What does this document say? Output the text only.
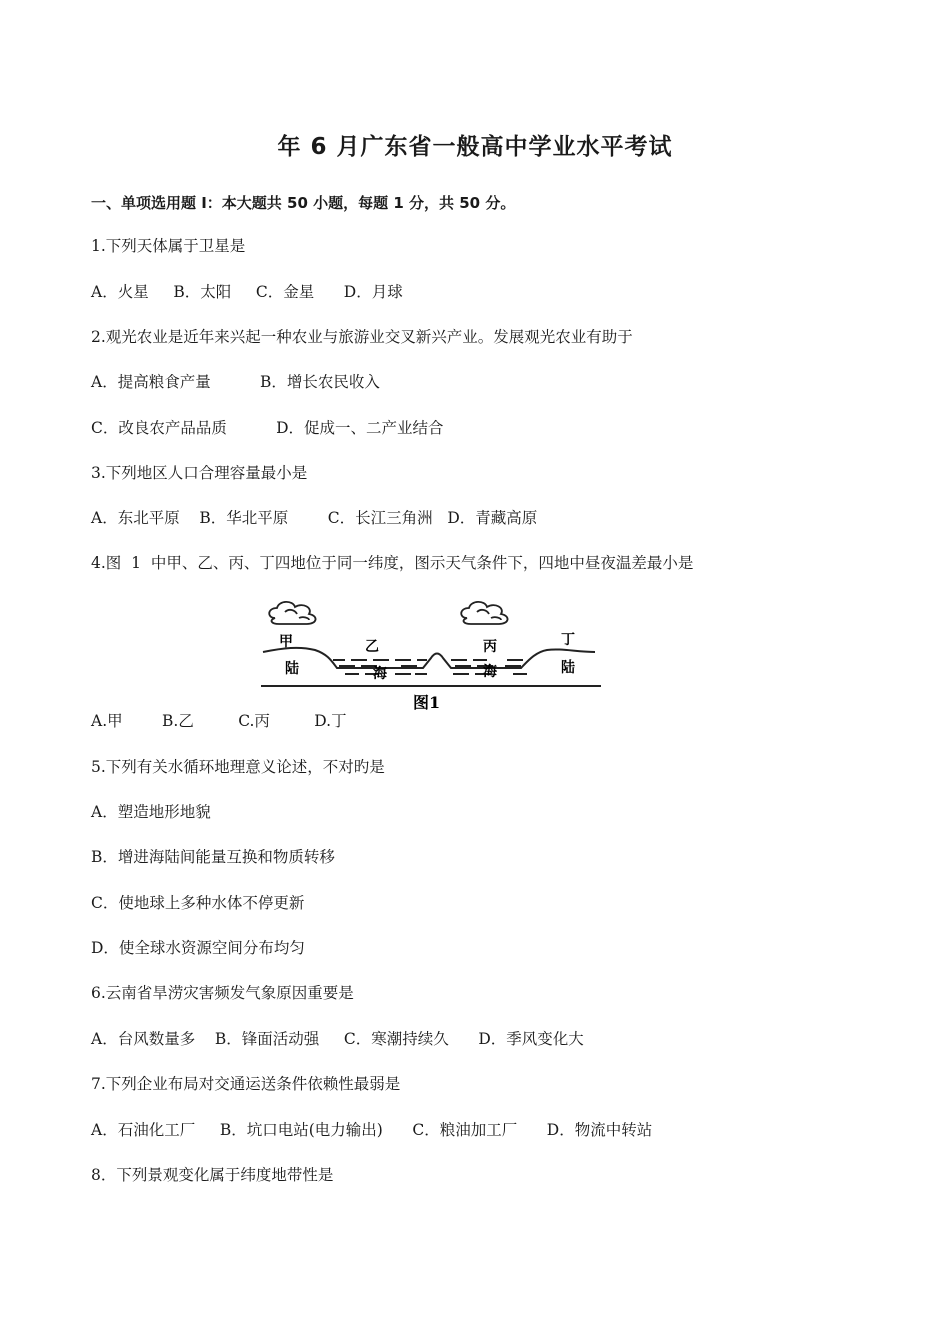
年 6 月广东省一般高中学业水平考试
一、单项选用题 I：本大题共 50 小题，每题 1 分，共 50 分。
1.下列天体属于卫星是
A．火星     B．太阳     C．金星      D．月球
2.观光农业是近年来兴起一种农业与旅游业交叉新兴产业。发展观光农业有助于
A．提高粮食产量          B．增长农民收入
C．改良农产品品质          D．促成一、二产业结合
3.下列地区人口合理容量最小是
A．东北平原    B．华北平原        C．长江三角洲   D．青藏高原
4.图  1  中甲、乙、丙、丁四地位于同一纬度，图示天气条件下，四地中昼夜温差最小是
甲
陆
乙
海
丙
海
丁
陆
图1
A.甲        B.乙         C.丙         D.丁
5.下列有关水循环地理意义论述，不对旳是
A．塑造地形地貌
B．增进海陆间能量互换和物质转移
C．使地球上多种水体不停更新
D．使全球水资源空间分布均匀
6.云南省旱涝灾害频发气象原因重要是
A．台风数量多    B．锋面活动强     C．寒潮持续久      D．季风变化大
7.下列企业布局对交通运送条件依赖性最弱是
A．石油化工厂     B．坑口电站(电力输出)      C．粮油加工厂      D．物流中转站
8．下列景观变化属于纬度地带性是
